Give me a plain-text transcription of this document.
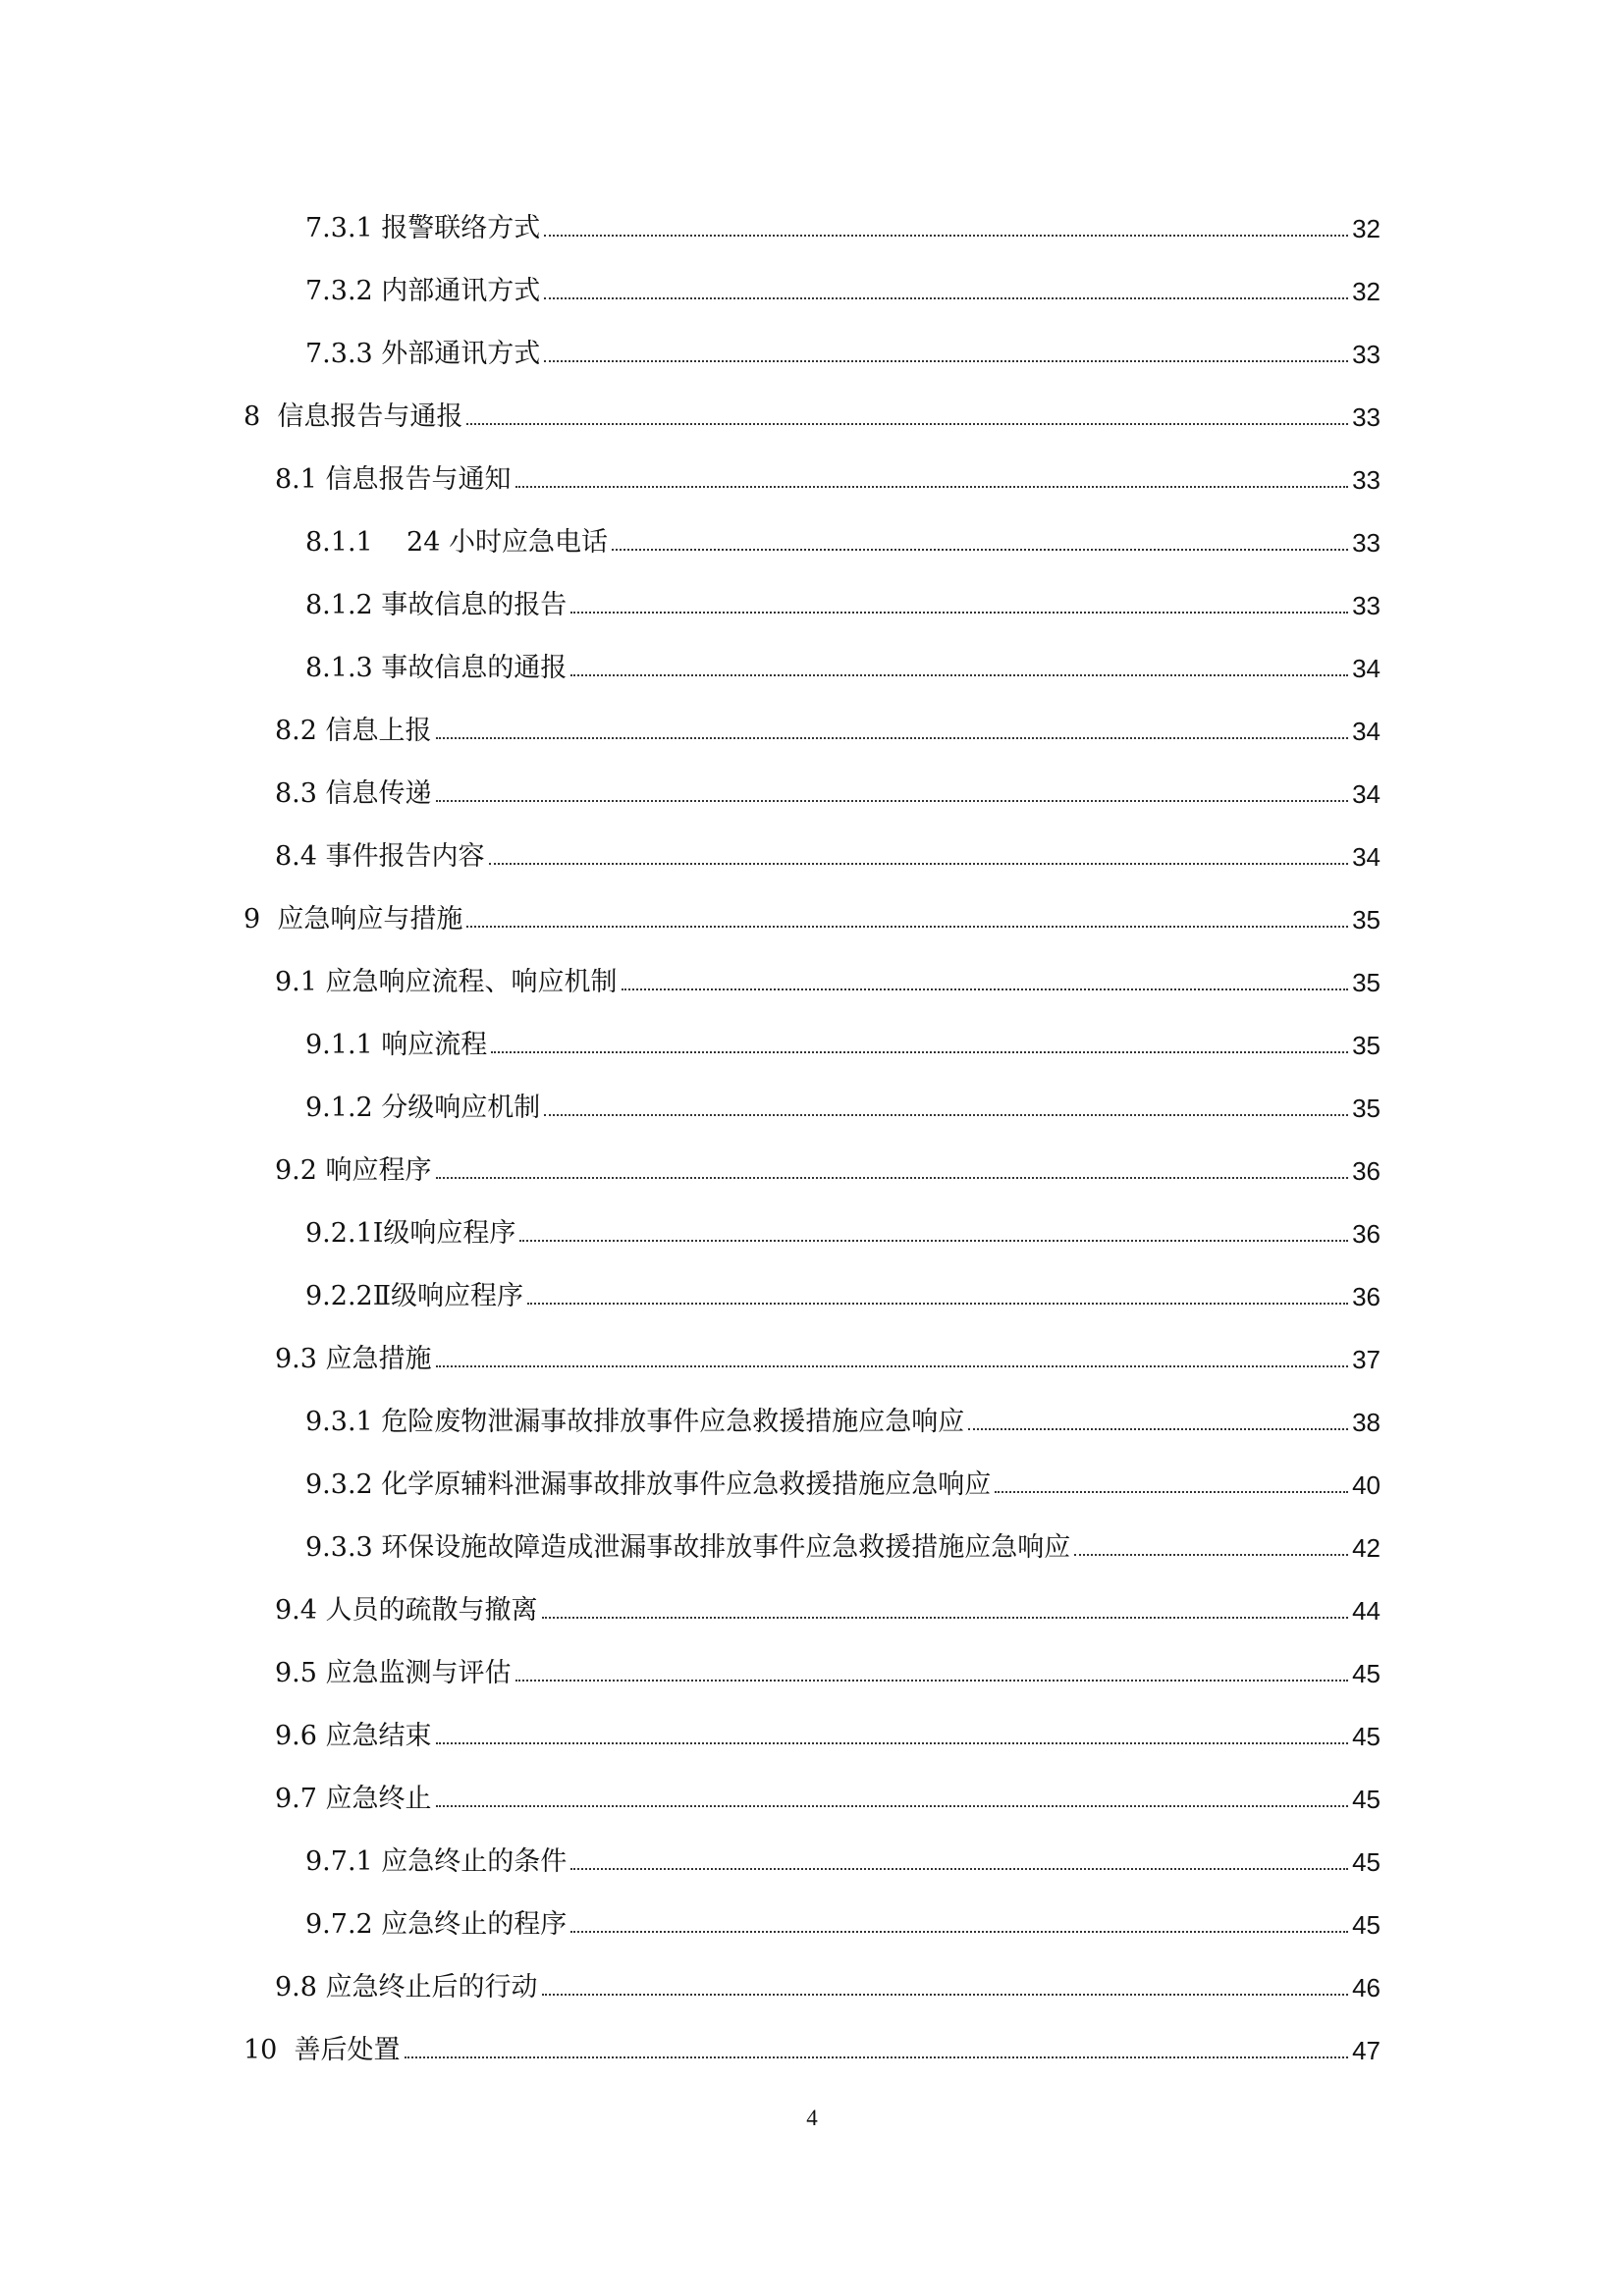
7.3.1 报警联络方式	32
7.3.2 内部通讯方式	32
7.3.3 外部通讯方式	33
8  信息报告与通报	33
8.1 信息报告与通知	33
8.1.1    24 小时应急电话	33
8.1.2 事故信息的报告	33
8.1.3 事故信息的通报	34
8.2 信息上报	34
8.3 信息传递	34
8.4 事件报告内容	34
9  应急响应与措施	35
9.1 应急响应流程、响应机制	35
9.1.1 响应流程	35
9.1.2 分级响应机制	35
9.2 响应程序	36
9.2.1Ⅰ级响应程序	36
9.2.2Ⅱ级响应程序	36
9.3 应急措施	37
9.3.1 危险废物泄漏事故排放事件应急救援措施应急响应	38
9.3.2 化学原辅料泄漏事故排放事件应急救援措施应急响应	40
9.3.3 环保设施故障造成泄漏事故排放事件应急救援措施应急响应	42
9.4 人员的疏散与撤离	44
9.5 应急监测与评估	45
9.6 应急结束	45
9.7 应急终止	45
9.7.1 应急终止的条件	45
9.7.2 应急终止的程序	45
9.8 应急终止后的行动	46
10  善后处置	47
4
